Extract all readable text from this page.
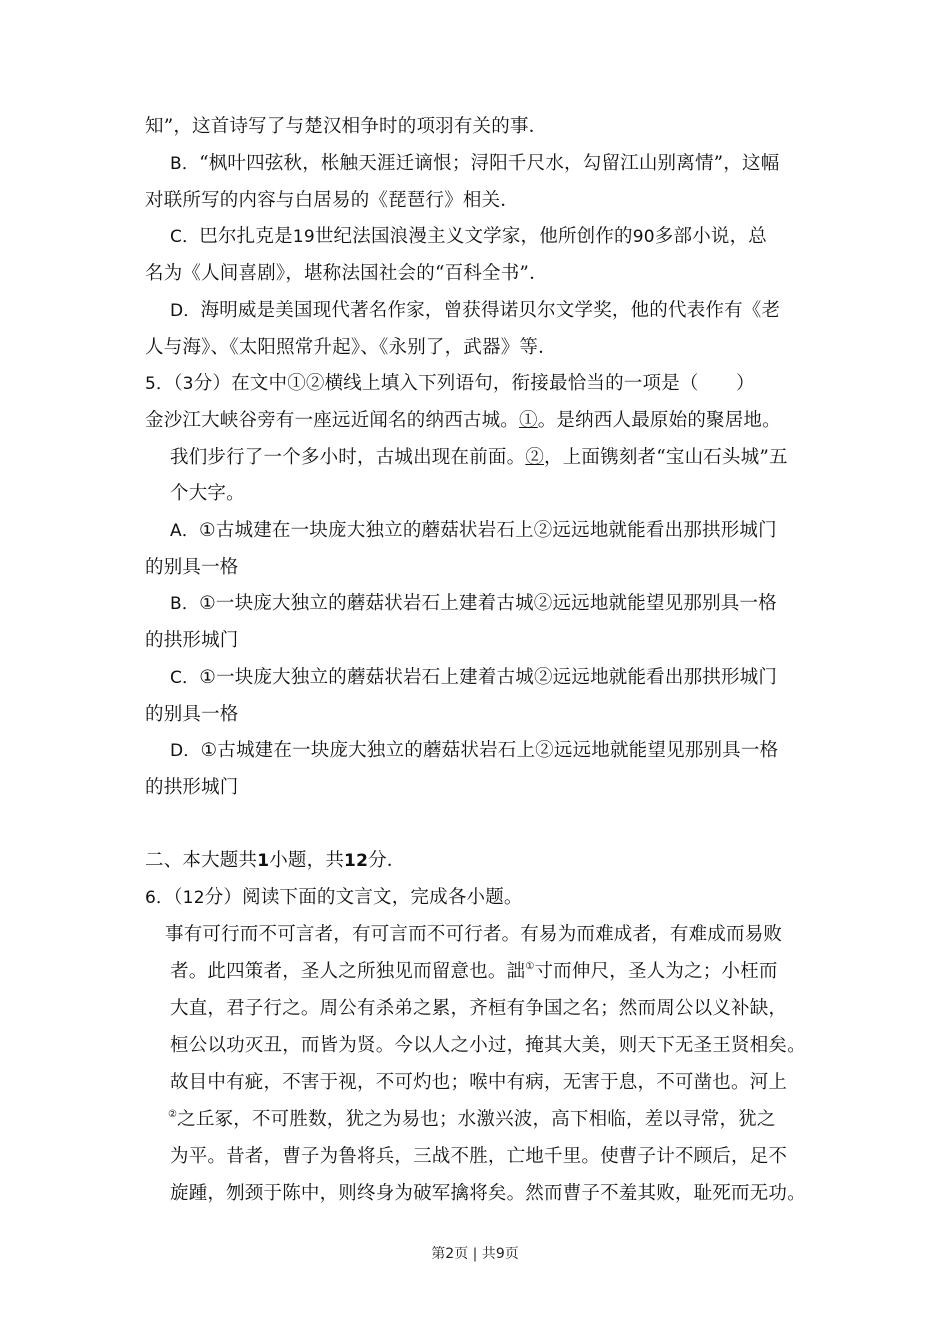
知”，这首诗写了与楚汉相争时的项羽有关的事．
B．“枫叶四弦秋，枨触天涯迁谪恨；浔阳千尺水，勾留江山别离情”，这幅
对联所写的内容与白居易的《琵琶行》相关．
C．巴尔扎克是19世纪法国浪漫主义文学家，他所创作的90多部小说，总
名为《人间喜剧》，堪称法国社会的“百科全书”．
D．海明威是美国现代著名作家，曾获得诺贝尔文学奖，他的代表作有《老
人与海》、《太阳照常升起》、《永别了，武器》等．
5．（3分）在文中①②横线上填入下列语句，衔接最恰当的一项是（　　）
金沙江大峡谷旁有一座远近闻名的纳西古城。①。是纳西人最原始的聚居地。
我们步行了一个多小时，古城出现在前面。②，上面镌刻者“宝山石头城”五
个大字。
A．①古城建在一块庞大独立的蘑菇状岩石上②远远地就能看出那拱形城门
的别具一格
B．①一块庞大独立的蘑菇状岩石上建着古城②远远地就能望见那别具一格
的拱形城门
C．①一块庞大独立的蘑菇状岩石上建着古城②远远地就能看出那拱形城门
的别具一格
D．①古城建在一块庞大独立的蘑菇状岩石上②远远地就能望见那别具一格
的拱形城门
二、本大题共1小题，共12分．
6．（12分）阅读下面的文言文，完成各小题。
事有可行而不可言者，有可言而不可行者。有易为而难成者，有难成而易败
者。此四策者，圣人之所独见而留意也。詘①寸而伸尺，圣人为之；小枉而
大直，君子行之。周公有杀弟之累，齐桓有争国之名；然而周公以义补缺，
桓公以功灭丑，而皆为贤。今以人之小过，掩其大美，则天下无圣王贤相矣。
故目中有疵，不害于视，不可灼也；喉中有病，无害于息，不可凿也。河上
②之丘冢，不可胜数，犹之为易也；水激兴波，高下相临，差以寻常，犹之
为平。昔者，曹子为鲁将兵，三战不胜，亡地千里。使曹子计不顾后，足不
旋踵，刎颈于陈中，则终身为破军擒将矣。然而曹子不羞其败，耻死而无功。
第2页 | 共9页
